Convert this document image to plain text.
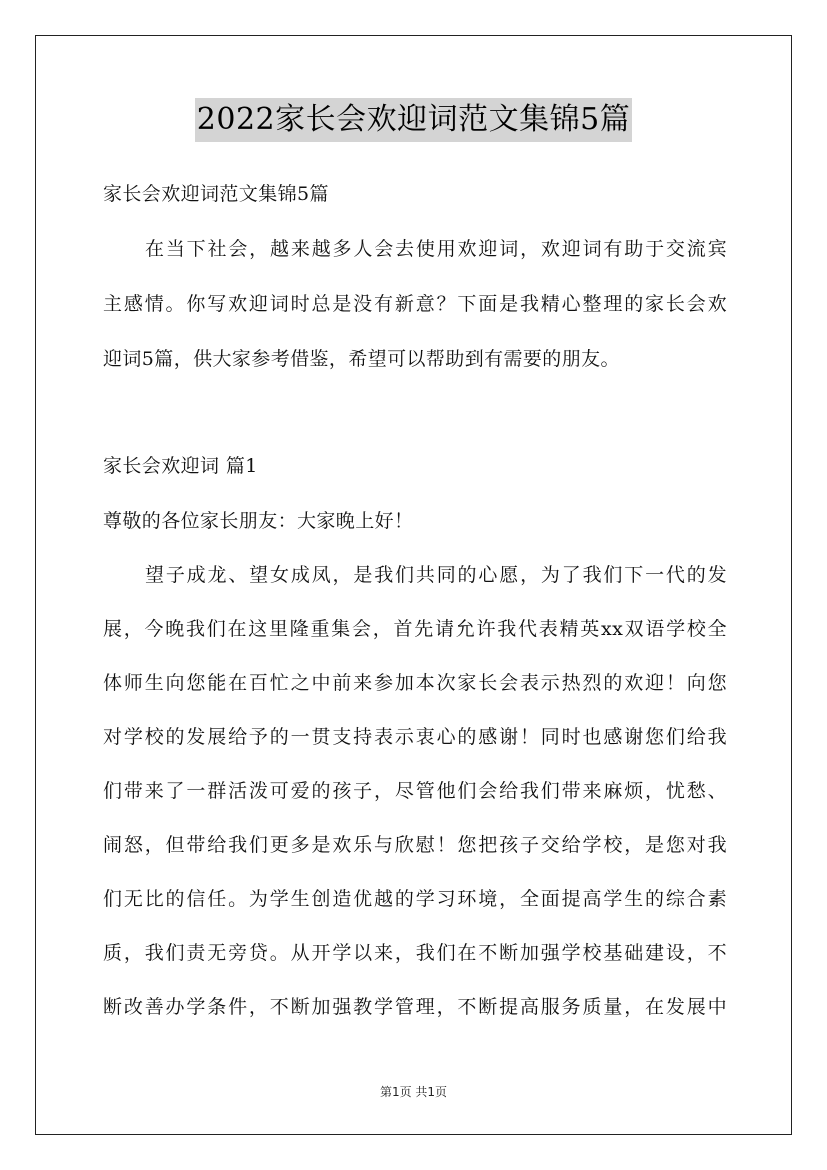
2022家长会欢迎词范文集锦5篇
家长会欢迎词范文集锦5篇
在当下社会，越来越多人会去使用欢迎词，欢迎词有助于交流宾
主感情。你写欢迎词时总是没有新意？下面是我精心整理的家长会欢
迎词5篇，供大家参考借鉴，希望可以帮助到有需要的朋友。
家长会欢迎词 篇1
尊敬的各位家长朋友：大家晚上好！
望子成龙、望女成凤，是我们共同的心愿，为了我们下一代的发
展，今晚我们在这里隆重集会，首先请允许我代表精英xx双语学校全
体师生向您能在百忙之中前来参加本次家长会表示热烈的欢迎！向您
对学校的发展给予的一贯支持表示衷心的感谢！同时也感谢您们给我
们带来了一群活泼可爱的孩子，尽管他们会给我们带来麻烦，忧愁、
闹怒，但带给我们更多是欢乐与欣慰！您把孩子交给学校，是您对我
们无比的信任。为学生创造优越的学习环境，全面提高学生的综合素
质，我们责无旁贷。从开学以来，我们在不断加强学校基础建设，不
断改善办学条件，不断加强教学管理，不断提高服务质量，在发展中
第1页 共1页
